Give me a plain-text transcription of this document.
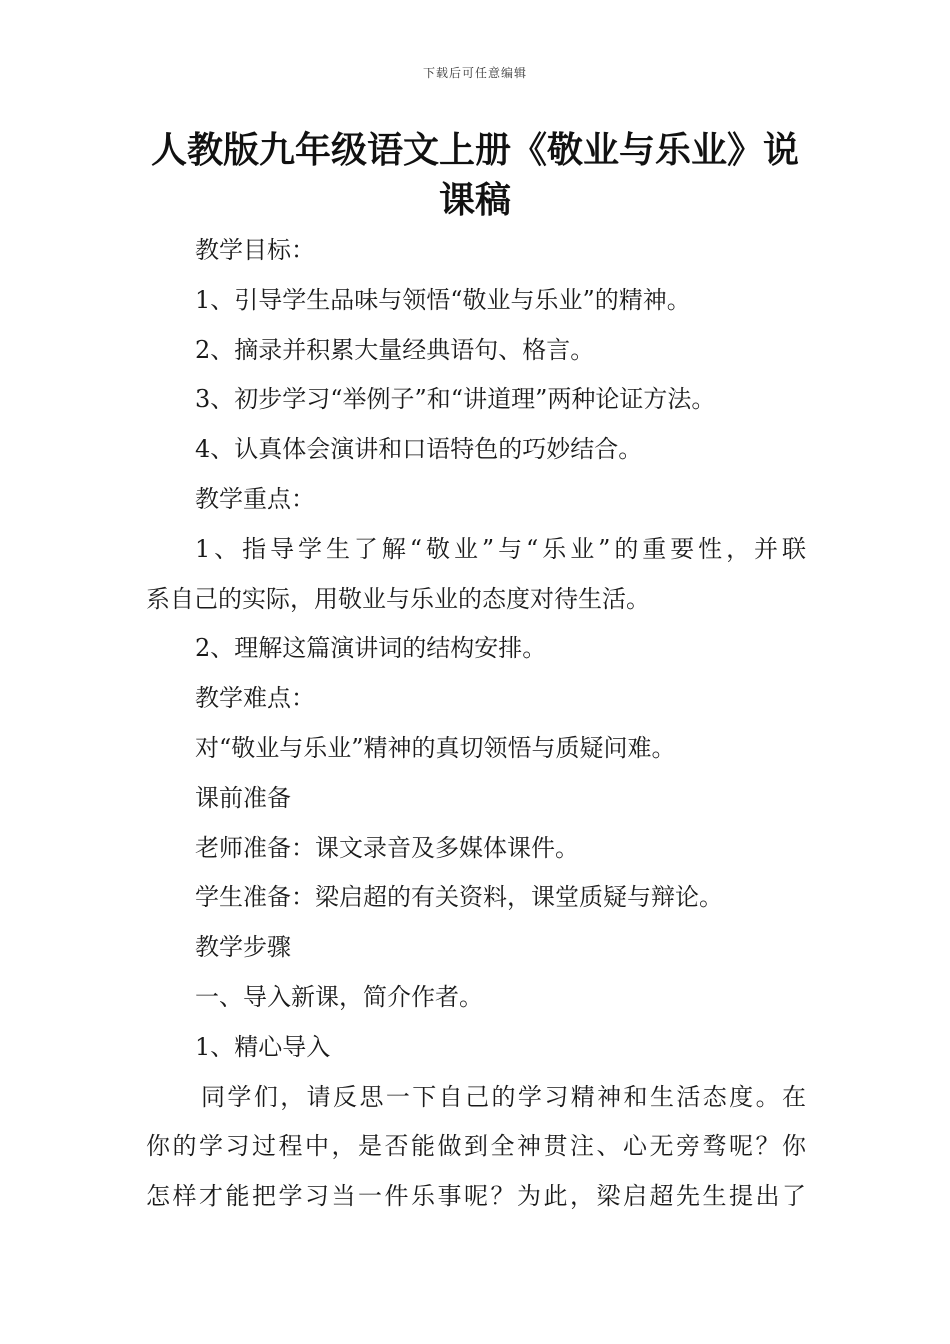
下载后可任意编辑
人教版九年级语文上册《敬业与乐业》说
课稿

教学目标：

1、引导学生品味与领悟“敬业与乐业”的精神。

2、摘录并积累大量经典语句、格言。

3、初步学习“举例子”和“讲道理”两种论证方法。

4、认真体会演讲和口语特色的巧妙结合。

教学重点：

1、指导学生了解“敬业”与“乐业”的重要性，并联

系自己的实际，用敬业与乐业的态度对待生活。

2、理解这篇演讲词的结构安排。

教学难点：

对“敬业与乐业”精神的真切领悟与质疑问难。

课前准备

老师准备：课文录音及多媒体课件。

学生准备：梁启超的有关资料，课堂质疑与辩论。

教学步骤

一、导入新课，简介作者。

1、精心导入

同学们，请反思一下自己的学习精神和生活态度。在

你的学习过程中，是否能做到全神贯注、心无旁骛呢？你

怎样才能把学习当一件乐事呢？为此，梁启超先生提出了
